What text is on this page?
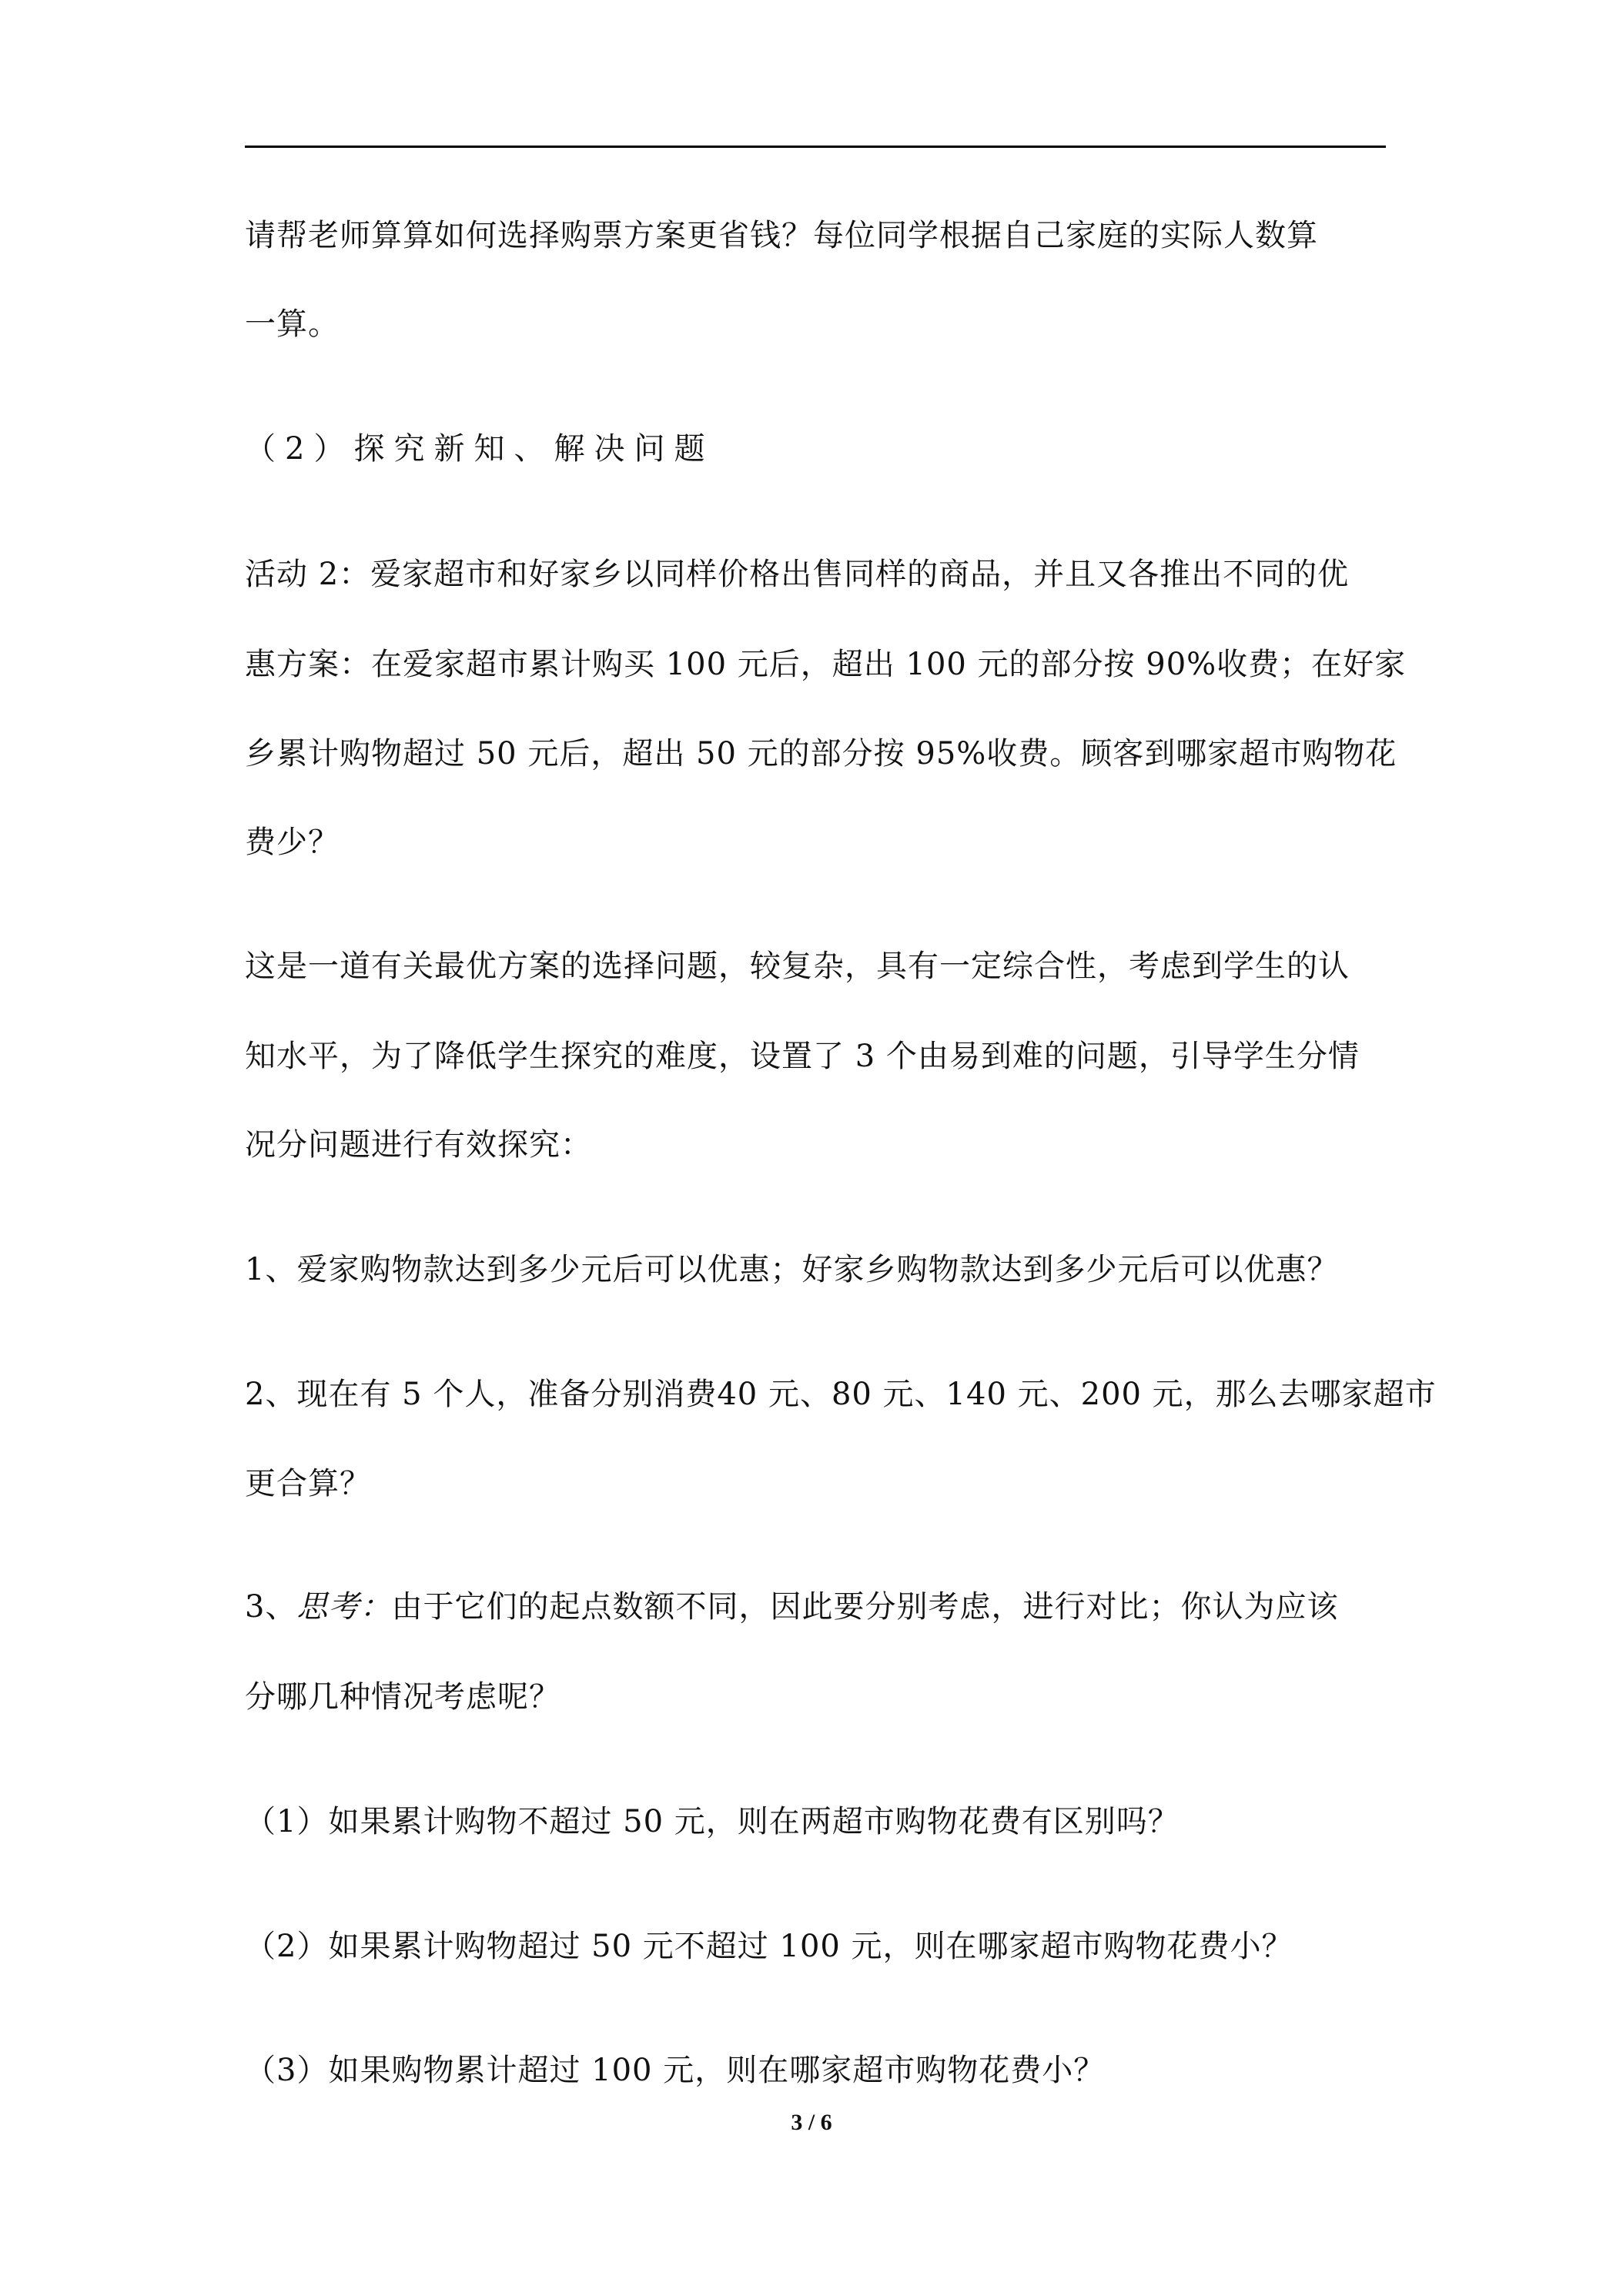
请帮老师算算如何选择购票方案更省钱？每位同学根据自己家庭的实际人数算
一算。
（2）探究新知、解决问题
活动 2：爱家超市和好家乡以同样价格出售同样的商品，并且又各推出不同的优
惠方案：在爱家超市累计购买 100 元后，超出 100 元的部分按 90%收费；在好家
乡累计购物超过 50 元后，超出 50 元的部分按 95%收费。顾客到哪家超市购物花
费少？
这是一道有关最优方案的选择问题，较复杂，具有一定综合性，考虑到学生的认
知水平，为了降低学生探究的难度，设置了 3 个由易到难的问题，引导学生分情
况分问题进行有效探究：
1、爱家购物款达到多少元后可以优惠；好家乡购物款达到多少元后可以优惠？
2、现在有 5 个人，准备分别消费40 元、80 元、140 元、200 元，那么去哪家超市
更合算？
3、思考：由于它们的起点数额不同，因此要分别考虑，进行对比；你认为应该
分哪几种情况考虑呢？
（1）如果累计购物不超过 50 元，则在两超市购物花费有区别吗？
（2）如果累计购物超过 50 元不超过 100 元，则在哪家超市购物花费小？
（3）如果购物累计超过 100 元，则在哪家超市购物花费小？
3 / 6
